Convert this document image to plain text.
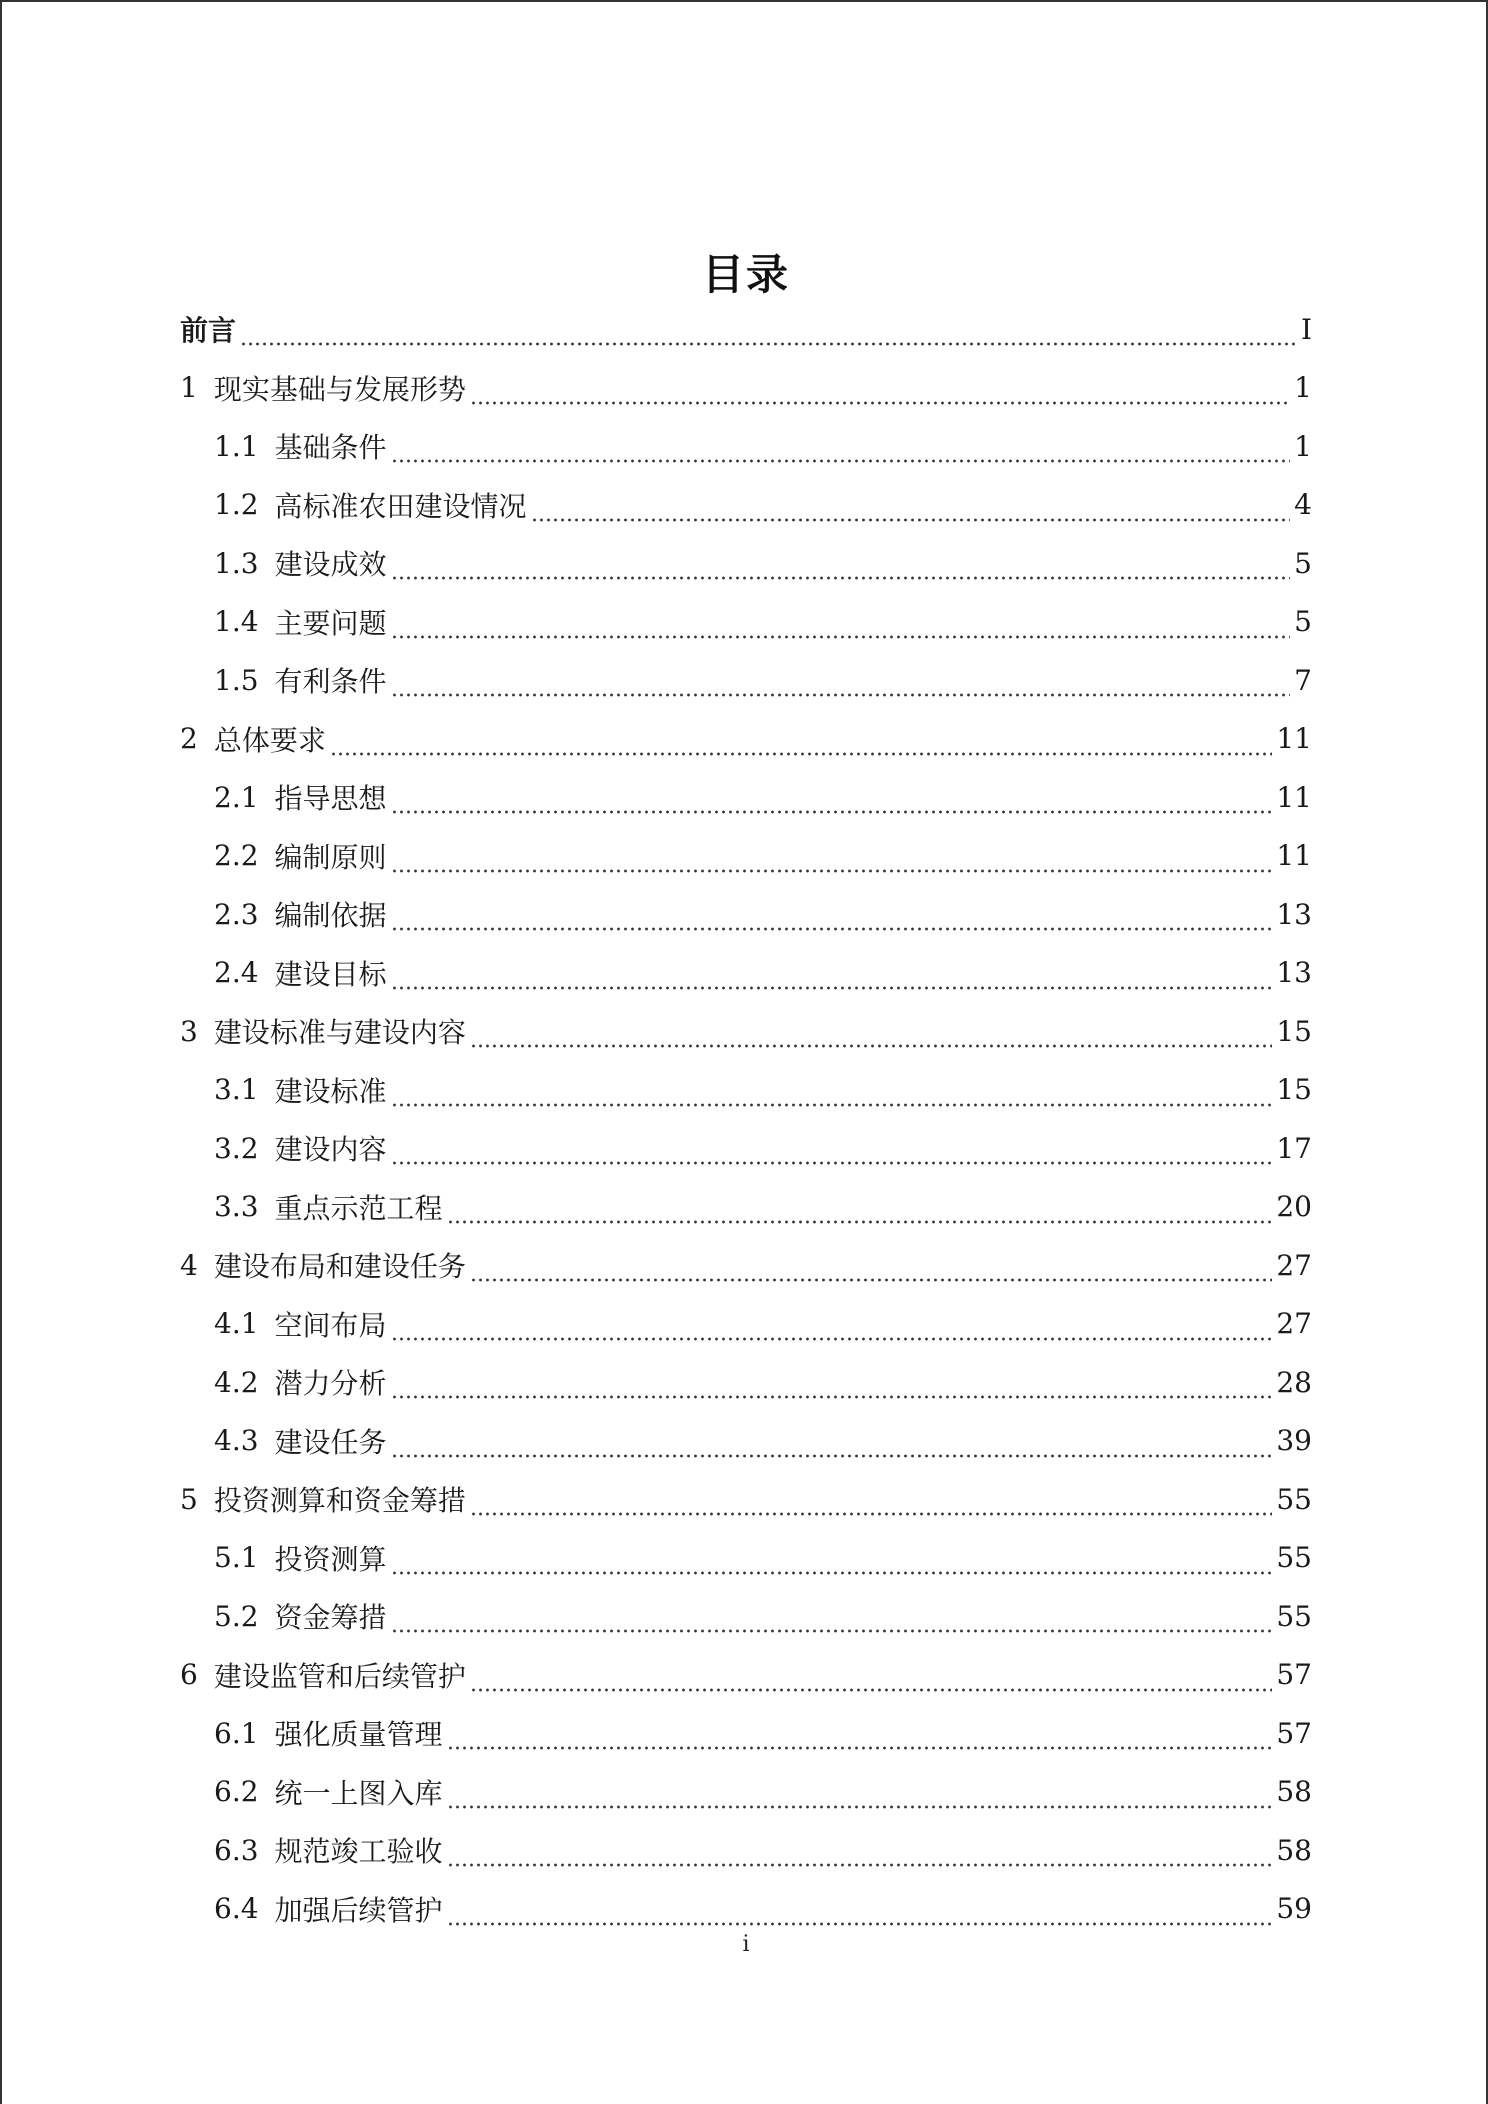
目录
前言	I
1 现实基础与发展形势	1
1.1 基础条件	1
1.2 高标准农田建设情况	4
1.3 建设成效	5
1.4 主要问题	5
1.5 有利条件	7
2 总体要求	11
2.1 指导思想	11
2.2 编制原则	11
2.3 编制依据	13
2.4 建设目标	13
3 建设标准与建设内容	15
3.1 建设标准	15
3.2 建设内容	17
3.3 重点示范工程	20
4 建设布局和建设任务	27
4.1 空间布局	27
4.2 潜力分析	28
4.3 建设任务	39
5 投资测算和资金筹措	55
5.1 投资测算	55
5.2 资金筹措	55
6 建设监管和后续管护	57
6.1 强化质量管理	57
6.2 统一上图入库	58
6.3 规范竣工验收	58
6.4 加强后续管护	59
i
